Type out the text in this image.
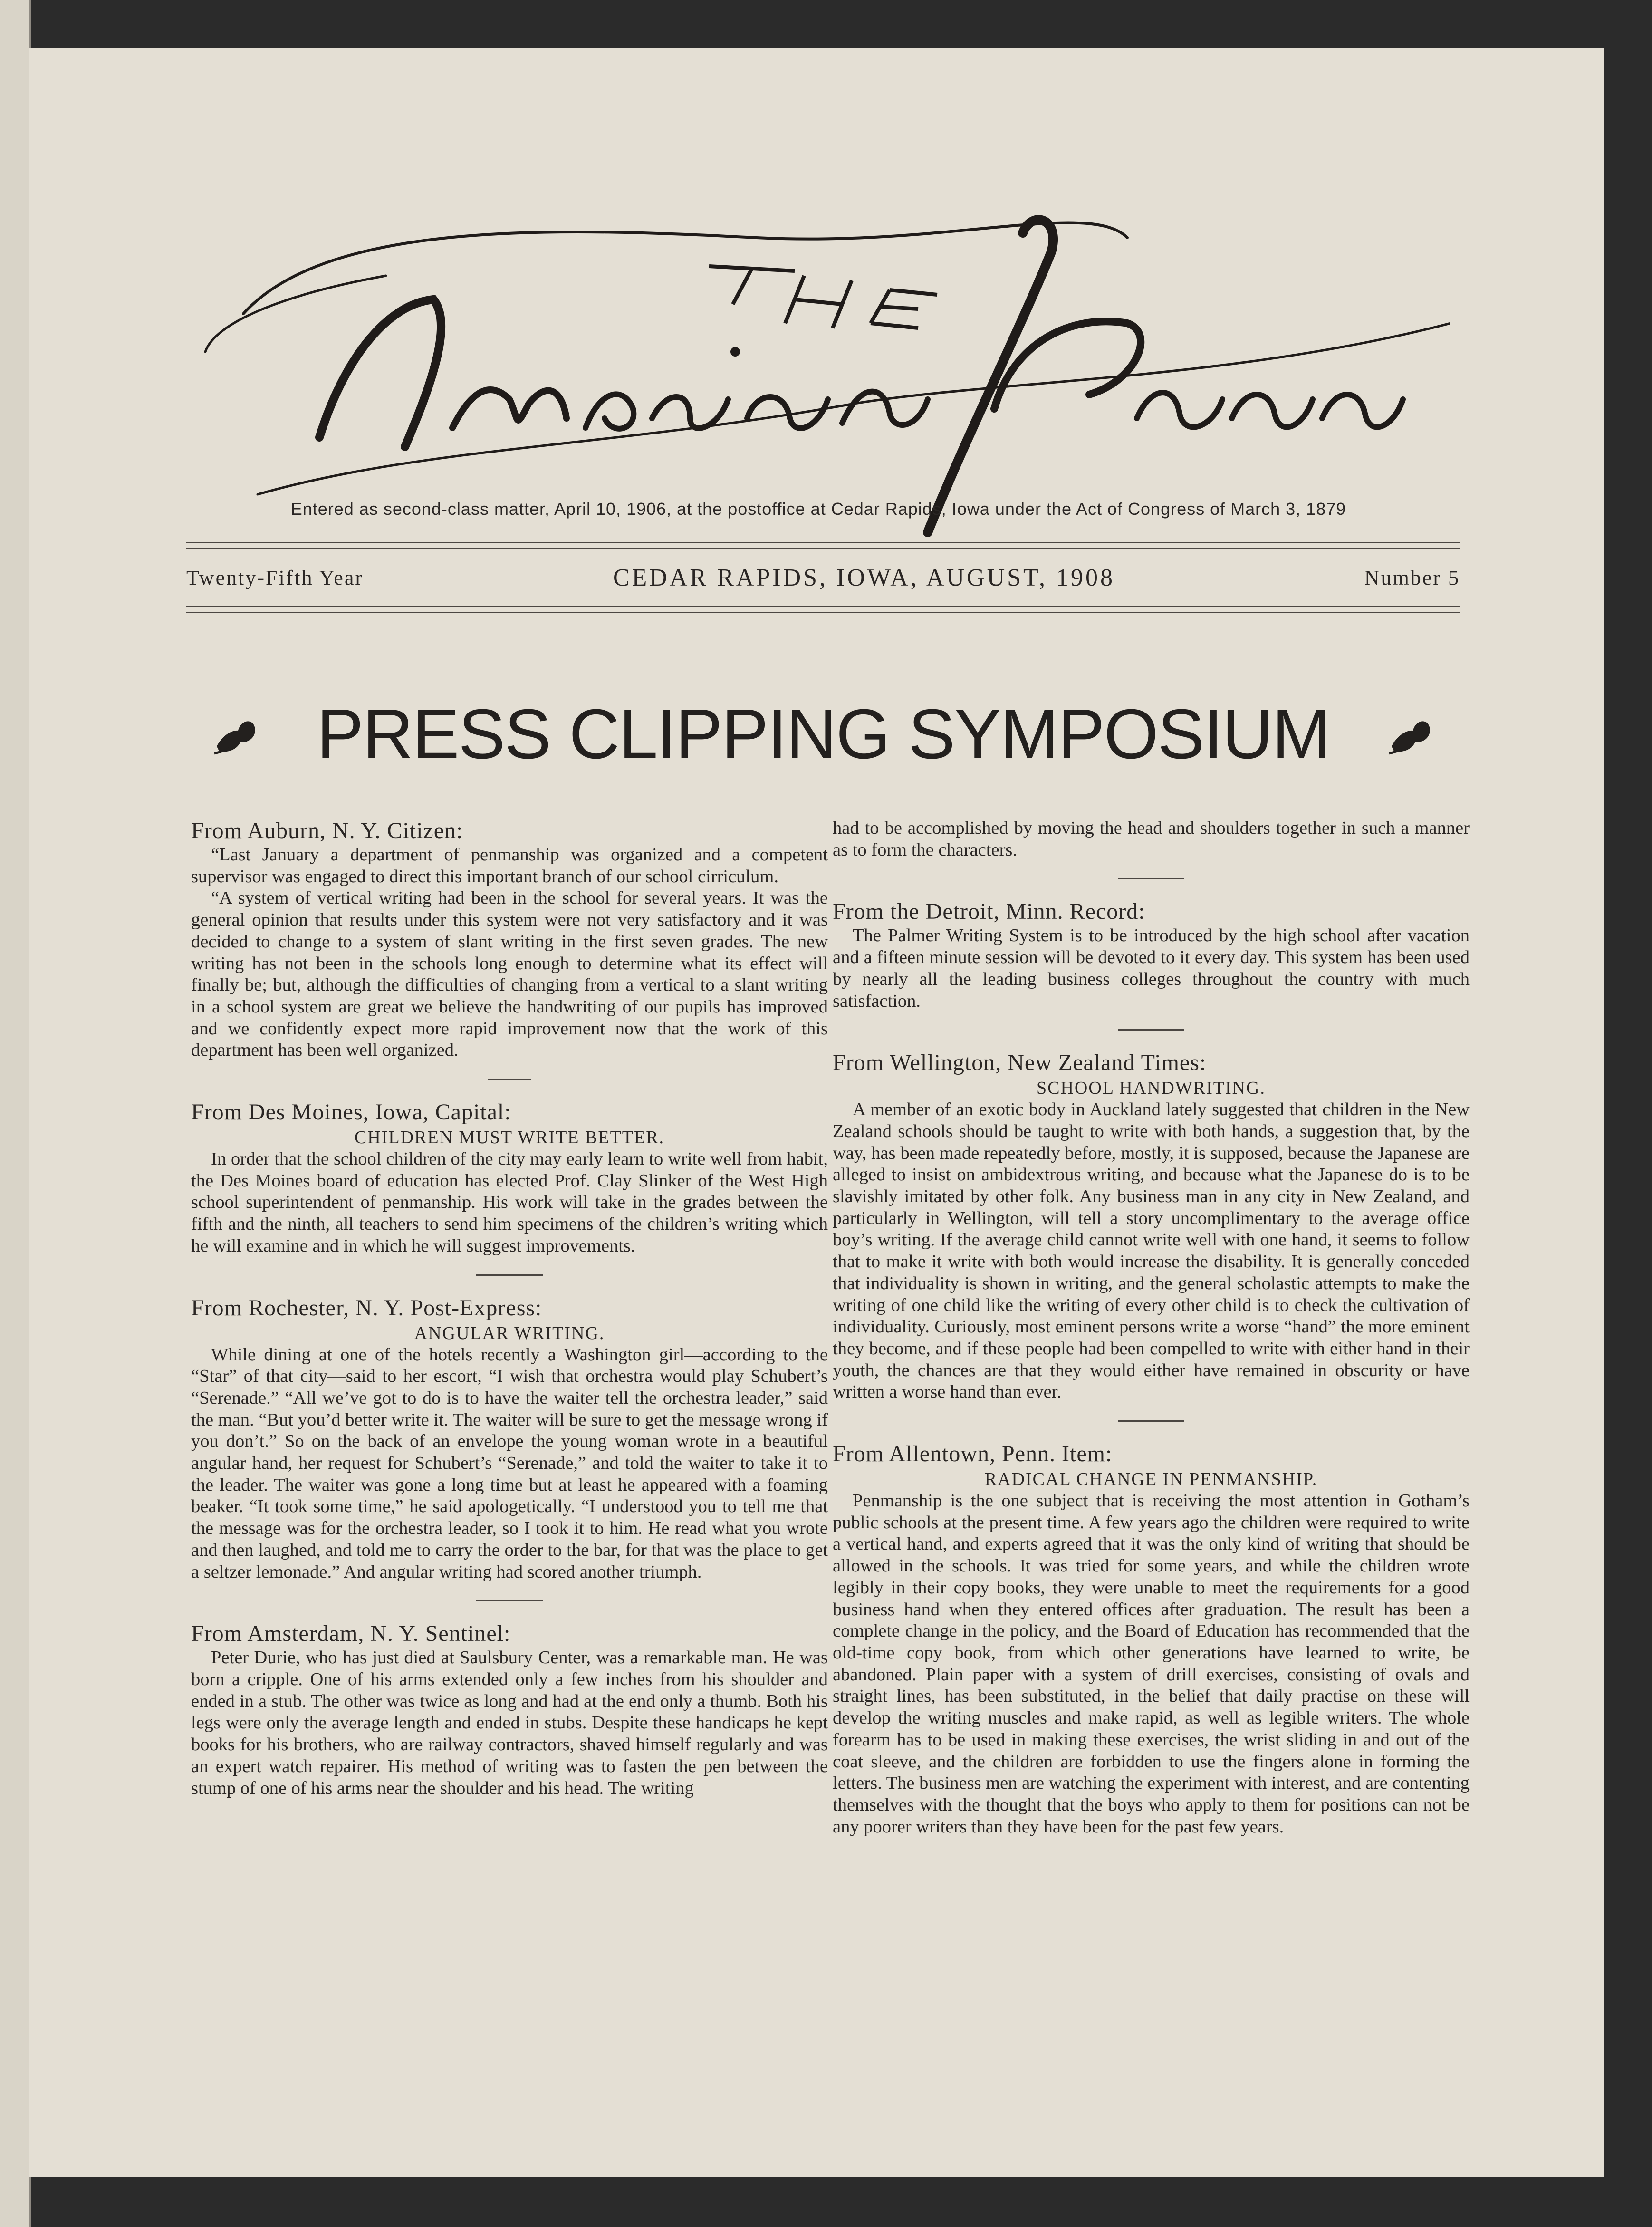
Entered as second-class matter, April 10, 1906, at the postoffice at Cedar Rapids, Iowa under the Act of Congress of March 3, 1879
Twenty-Fifth Year	CEDAR RAPIDS, IOWA, AUGUST, 1908	Number 5
PRESS CLIPPING SYMPOSIUM

From Auburn, N. Y. Citizen:

“Last January a department of penmanship was organized and a competent supervisor was engaged to direct this important branch of our school cirriculum.

“A system of vertical writing had been in the school for several years. It was the general opinion that results under this system were not very satisfactory and it was decided to change to a system of slant writing in the first seven grades. The new writing has not been in the schools long enough to determine what its effect will finally be; but, although the difficulties of changing from a vertical to a slant writing in a school system are great we believe the handwriting of our pupils has improved and we confidently expect more rapid improvement now that the work of this department has been well organized.

From Des Moines, Iowa, Capital:

CHILDREN MUST WRITE BETTER.

In order that the school children of the city may early learn to write well from habit, the Des Moines board of education has elected Prof. Clay Slinker of the West High school superintendent of penmanship. His work will take in the grades between the fifth and the ninth, all teachers to send him specimens of the children’s writing which he will examine and in which he will suggest improvements.

From Rochester, N. Y. Post-Express:

ANGULAR WRITING.

While dining at one of the hotels recently a Washington girl—according to the “Star” of that city—said to her escort, “I wish that orchestra would play Schubert’s “Serenade.” “All we’ve got to do is to have the waiter tell the orchestra leader,” said the man. “But you’d better write it. The waiter will be sure to get the message wrong if you don’t.” So on the back of an envelope the young woman wrote in a beautiful angular hand, her request for Schubert’s “Serenade,” and told the waiter to take it to the leader. The waiter was gone a long time but at least he appeared with a foaming beaker. “It took some time,” he said apologetically. “I understood you to tell me that the message was for the orchestra leader, so I took it to him. He read what you wrote and then laughed, and told me to carry the order to the bar, for that was the place to get a seltzer lemonade.” And angular writing had scored another triumph.

From Amsterdam, N. Y. Sentinel:

Peter Durie, who has just died at Saulsbury Center, was a remarkable man. He was born a cripple. One of his arms extended only a few inches from his shoulder and ended in a stub. The other was twice as long and had at the end only a thumb. Both his legs were only the average length and ended in stubs. Despite these handicaps he kept books for his brothers, who are railway contractors, shaved himself regularly and was an expert watch repairer. His method of writing was to fasten the pen between the stump of one of his arms near the shoulder and his head. The writing

had to be accomplished by moving the head and shoulders together in such a manner as to form the characters.

From the Detroit, Minn. Record:

The Palmer Writing System is to be introduced by the high school after vacation and a fifteen minute session will be devoted to it every day. This system has been used by nearly all the leading business colleges throughout the country with much satisfaction.

From Wellington, New Zealand Times:

SCHOOL HANDWRITING.

A member of an exotic body in Auckland lately suggested that children in the New Zealand schools should be taught to write with both hands, a suggestion that, by the way, has been made repeatedly before, mostly, it is supposed, because the Japanese are alleged to insist on ambidextrous writing, and because what the Japanese do is to be slavishly imitated by other folk. Any business man in any city in New Zealand, and particularly in Wellington, will tell a story uncomplimentary to the average office boy’s writing. If the average child cannot write well with one hand, it seems to follow that to make it write with both would increase the disability. It is generally conceded that individuality is shown in writing, and the general scholastic attempts to make the writing of one child like the writing of every other child is to check the cultivation of individuality. Curiously, most eminent persons write a worse “hand” the more eminent they become, and if these people had been compelled to write with either hand in their youth, the chances are that they would either have remained in obscurity or have written a worse hand than ever.

From Allentown, Penn. Item:

RADICAL CHANGE IN PENMANSHIP.

Penmanship is the one subject that is receiving the most attention in Gotham’s public schools at the present time. A few years ago the children were required to write a vertical hand, and experts agreed that it was the only kind of writing that should be allowed in the schools. It was tried for some years, and while the children wrote legibly in their copy books, they were unable to meet the requirements for a good business hand when they entered offices after graduation. The result has been a complete change in the policy, and the Board of Education has recommended that the old-time copy book, from which other generations have learned to write, be abandoned. Plain paper with a system of drill exercises, consisting of ovals and straight lines, has been substituted, in the belief that daily practise on these will develop the writing muscles and make rapid, as well as legible writers. The whole forearm has to be used in making these exercises, the wrist sliding in and out of the coat sleeve, and the children are forbidden to use the fingers alone in forming the letters. The business men are watching the experiment with interest, and are contenting themselves with the thought that the boys who apply to them for positions can not be any poorer writers than they have been for the past few years.
